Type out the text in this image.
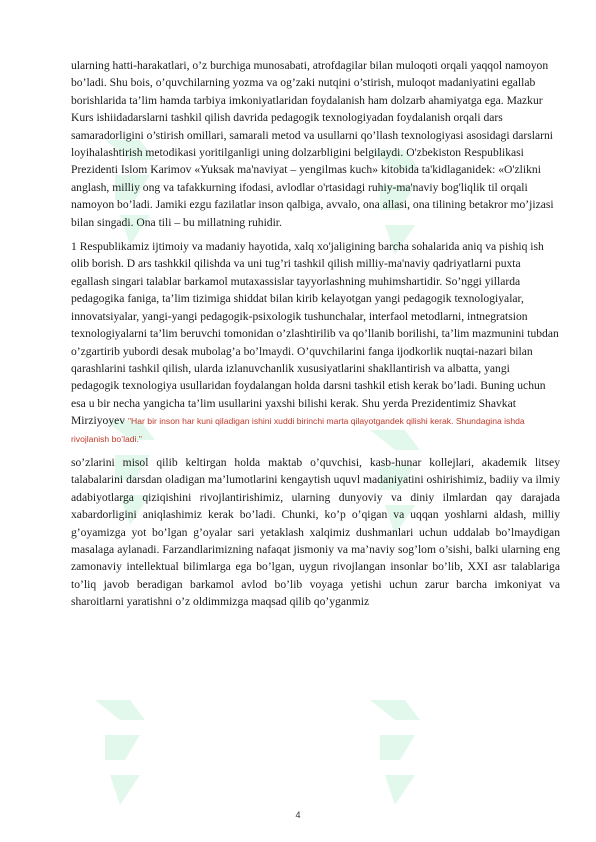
ularning hatti-harakatlari, o’z burchiga munosabati, atrofdagilar bilan muloqoti orqali yaqqol namoyon bo’ladi. Shu bois, o’quvchilarning yozma va og’zaki nutqini o’stirish, muloqot madaniyatini egallab borishlarida ta’lim hamda tarbiya imkoniyatlaridan foydalanish ham dolzarb ahamiyatga ega. Mazkur Kurs ishiidadarslarni tashkil qilish davrida pedagogik texnologiyadan foydalanish orqali dars samaradorligini o’stirish omillari, samarali metod va usullarni qo’llash texnologiyasi asosidagi darslarni loyihalashtirish metodikasi yoritilganligi uning dolzarbligini belgilaydi. O'zbekiston Respublikasi Prezidenti Islom Karimov «Yuksak ma'naviyat – yengilmas kuch» kitobida ta'kidlaganidek: «O'zlikni anglash, milliy ong va tafakkurning ifodasi, avlodlar o'rtasidagi ruhiy-ma'naviy bog'liqlik til orqali namoyon bo’ladi. Jamiki ezgu fazilatlar inson qalbiga, avvalo, ona allasi, ona tilining betakror mo’jizasi bilan singadi. Ona tili – bu millatning ruhidir.

1 Respublikamiz ijtimoiy va madaniy hayotida, xalq xo'jaligining barcha sohalarida aniq va pishiq ish olib borish. D ars tashkkil qilishda va uni tug’ri tashkil qilish milliy-ma'naviy qadriyatlarni puxta egallash singari talablar barkamol mutaxassislar tayyorlashning muhimshartidir. So’nggi yillarda pedagogika faniga, ta’lim tizimiga shiddat bilan kirib kelayotgan yangi pedagogik texnologiyalar, innovatsiyalar, yangi-yangi pedagogik-psixologik tushunchalar, interfaol metodlarni, intnegratsion texnologiyalarni ta’lim beruvchi tomonidan o’zlashtirilib va qo’llanib borilishi, ta’lim mazmunini tubdan o’zgartirib yubordi desak mubolag’a bo’lmaydi. O’quvchilarini fanga ijodkorlik nuqtai-nazari bilan qarashlarini tashkil qilish, ularda izlanuvchanlik xususiyatlarini shakllantirish va albatta, yangi pedagogik texnologiya usullaridan foydalangan holda darsni tashkil etish kerak bo’ladi. Buning uchun esa u bir necha yangicha ta’lim usullarini yaxshi bilishi kerak. Shu yerda Prezidentimiz Shavkat Mirziyoyev "Har bir inson har kuni qiladigan ishini xuddi birinchi marta qilayotgandek qilishi kerak. Shundagina ishda rivojlanish bo’ladi."

so’zlarini misol qilib keltirgan holda maktab o’quvchisi, kasb-hunar kollejlari, akademik litsey talabalarini darsdan oladigan ma’lumotlarini kengaytish uquvl madaniyatini oshirishimiz, badiiy va ilmiy adabiyotlarga qiziqishini rivojlantirishimiz, ularning dunyoviy va diniy ilmlardan qay darajada xabardorligini aniqlashimiz kerak bo’ladi. Chunki, ko’p o’qigan va uqqan yoshlarni aldash, milliy g’oyamizga yot bo’lgan g’oyalar sari yetaklash xalqimiz dushmanlari uchun uddalab bo’lmaydigan masalaga aylanadi. Farzandlarimizning nafaqat jismoniy va ma’naviy sog’lom o’sishi, balki ularning eng zamonaviy intellektual bilimlarga ega bo’lgan, uygun rivojlangan insonlar bo’lib, XXI asr talablariga to’liq javob beradigan barkamol avlod bo’lib voyaga yetishi uchun zarur barcha imkoniyat va sharoitlarni yaratishni o’z oldimmizga maqsad qilib qo’yganmiz

4
